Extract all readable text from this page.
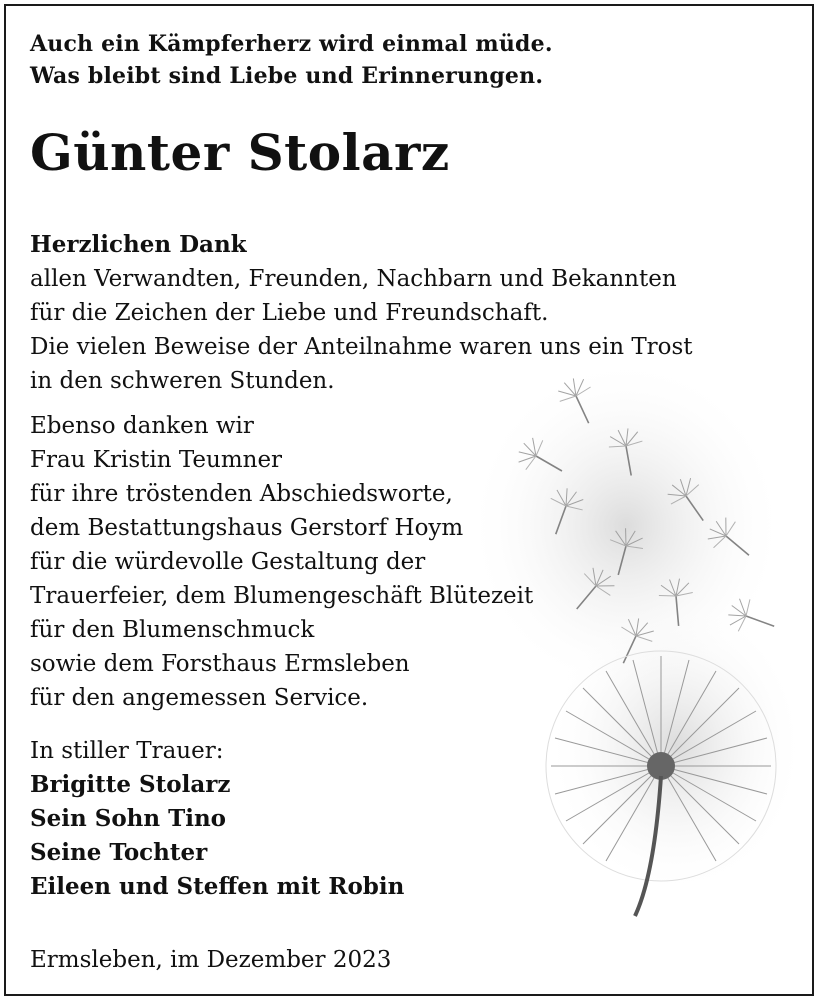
Auch ein Kämpferherz wird einmal müde.
Was bleibt sind Liebe und Erinnerungen.
Günter Stolarz
Herzlichen Dank
allen Verwandten, Freunden, Nachbarn und Bekannten
für die Zeichen der Liebe und Freundschaft.
Die vielen Beweise der Anteilnahme waren uns ein Trost
in den schweren Stunden.
Ebenso danken wir
Frau Kristin Teumner
für ihre tröstenden Abschiedsworte,
dem Bestattungshaus Gerstorf Hoym
für die würdevolle Gestaltung der
Trauerfeier, dem Blumengeschäft Blütezeit
für den Blumenschmuck
sowie dem Forsthaus Ermsleben
für den angemessen Service.
In stiller Trauer:
Brigitte Stolarz
Sein Sohn Tino
Seine Tochter
Eileen und Steffen mit Robin
Ermsleben, im Dezember 2023
